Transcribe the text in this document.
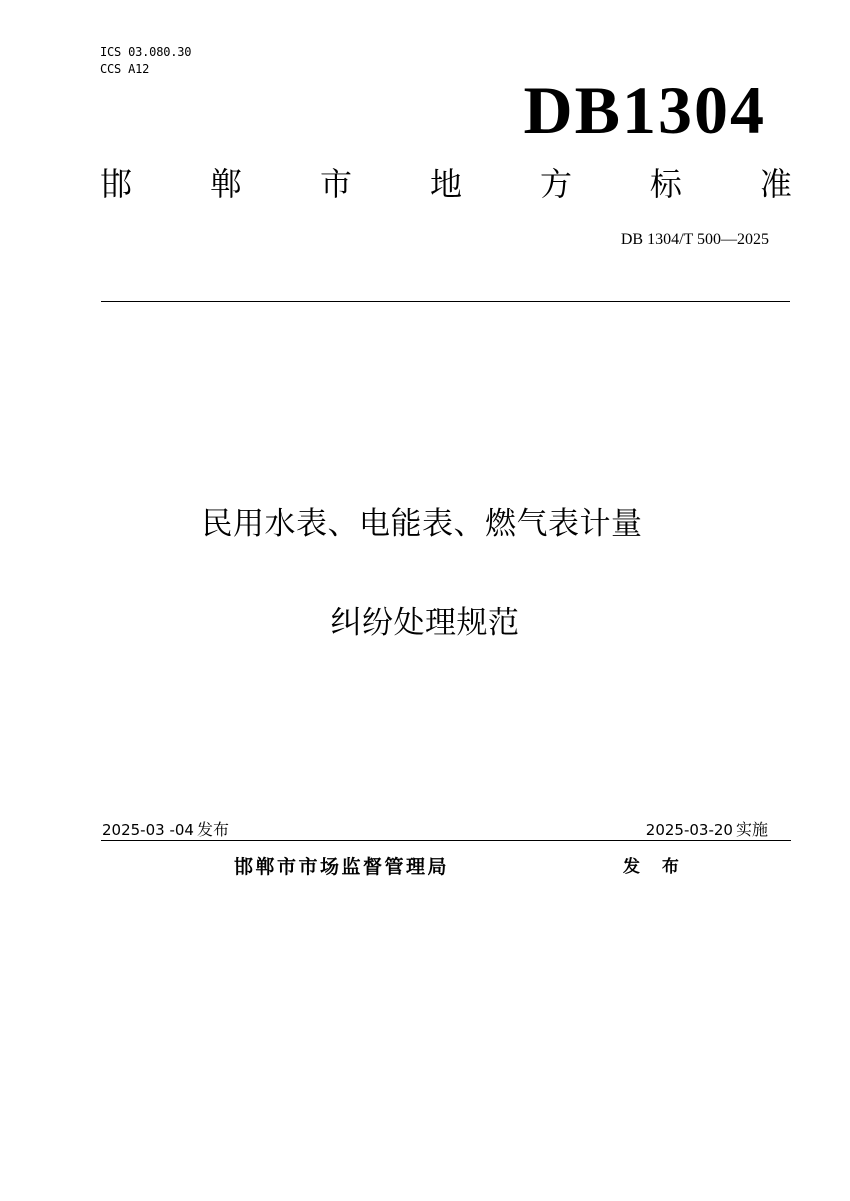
ICS 03.080.30
CCS A12
DB1304
邯 郸 市 地 方 标 准
DB 1304/T 500—2025
民用水表、电能表、燃气表计量
纠纷处理规范
2025-03 -04 发布	2025-03-20 实施
邯郸市市场监督管理局	发 布
